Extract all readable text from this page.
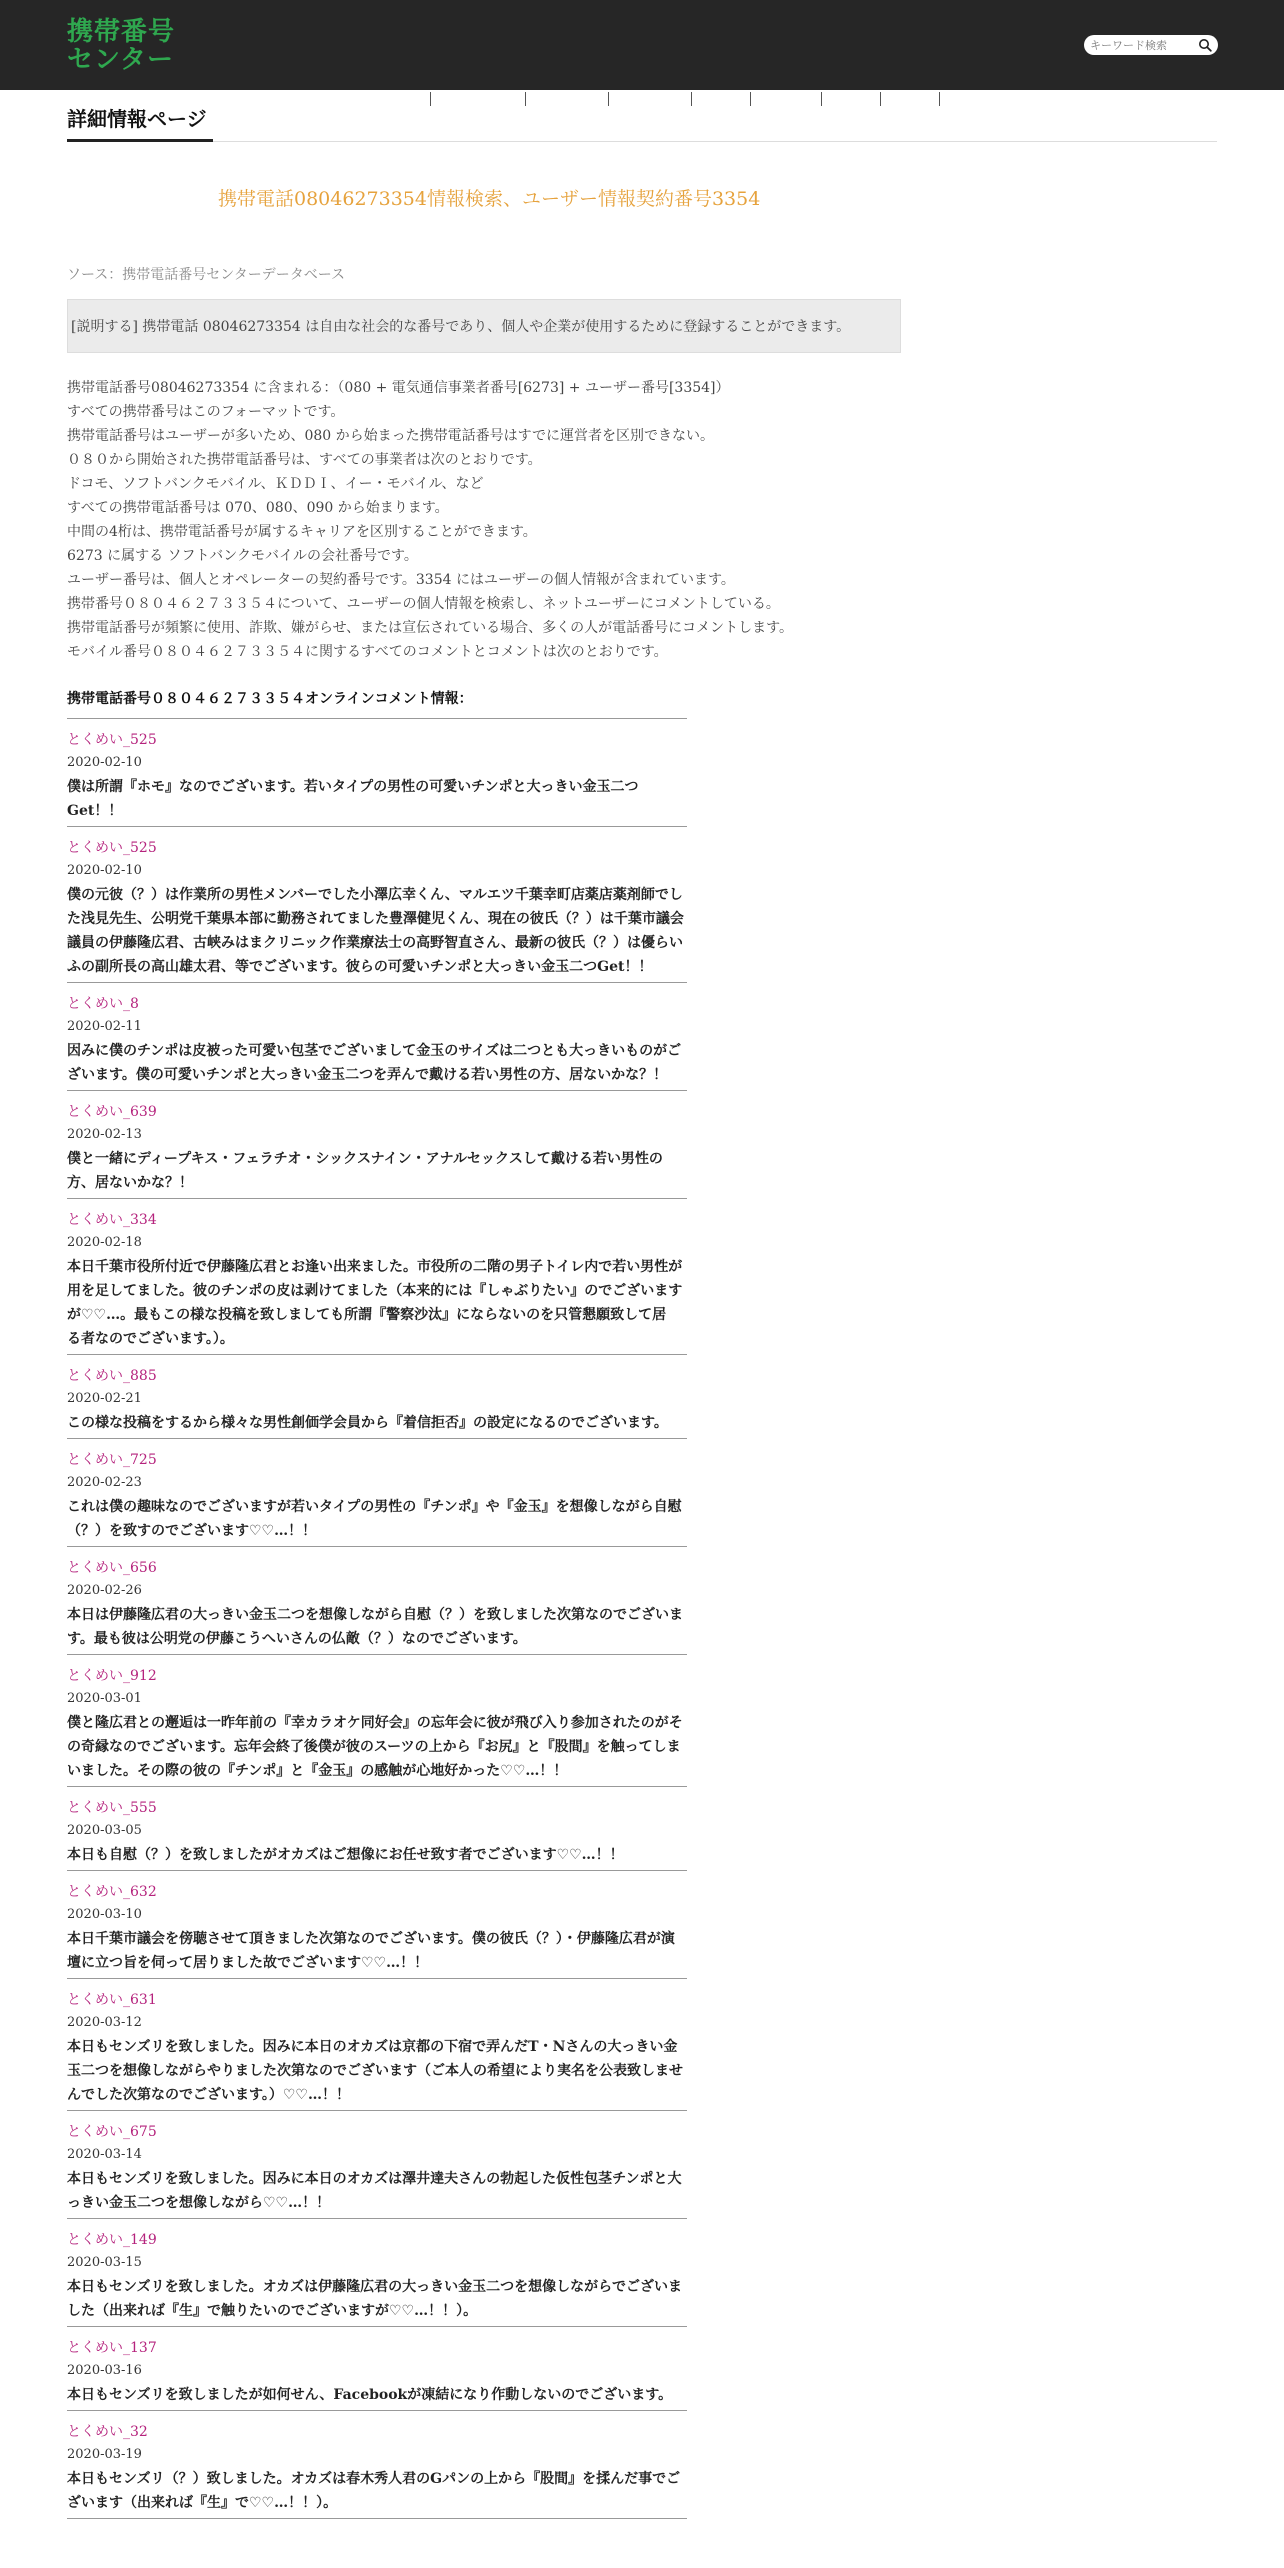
携帯番号
センター
キーワード検索
詳細情報ページ
携帯電話08046273354情報検索、ユーザー情報契約番号3354
ソース：携帯電話番号センターデータベース
[説明する] 携帯電話 08046273354 は自由な社会的な番号であり、個人や企業が使用するために登録することができます。
携帯電話番号08046273354 に含まれる：（080 + 電気通信事業者番号[6273] + ユーザー番号[3354]）
すべての携帯番号はこのフォーマットです。
携帯電話番号はユーザーが多いため、080 から始まった携帯電話番号はすでに運営者を区別できない。
０８０から開始された携帯電話番号は、すべての事業者は次のとおりです。
ドコモ、ソフトバンクモバイル、ＫＤＤＩ、イー・モバイル、など
すべての携帯電話番号は 070、080、090 から始まります。
中間の4桁は、携帯電話番号が属するキャリアを区別することができます。
6273 に属する ソフトバンクモバイルの会社番号です。
ユーザー番号は、個人とオペレーターの契約番号です。3354 にはユーザーの個人情報が含まれています。
携帯番号０８０４６２７３３５４について、ユーザーの個人情報を検索し、ネットユーザーにコメントしている。
携帯電話番号が頻繁に使用、詐欺、嫌がらせ、または宣伝されている場合、多くの人が電話番号にコメントします。
モバイル番号０８０４６２７３３５４に関するすべてのコメントとコメントは次のとおりです。
携帯電話番号０８０４６２７３３５４オンラインコメント情報：
とくめい_525
2020-02-10
僕は所謂『ホモ』なのでございます。若いタイプの男性の可愛いチンポと大っきい金玉二つ
Get！！
とくめい_525
2020-02-10
僕の元彼（？）は作業所の男性メンバーでした小澤広幸くん、マルエツ千葉幸町店薬店薬剤師でし
た浅見先生、公明党千葉県本部に勤務されてました豊澤健児くん、現在の彼氏（？）は千葉市議会
議員の伊藤隆広君、古峡みはまクリニック作業療法士の高野智直さん、最新の彼氏（？）は優らい
ふの副所長の高山雄太君、等でございます。彼らの可愛いチンポと大っきい金玉二つGet！！
とくめい_8
2020-02-11
因みに僕のチンポは皮被った可愛い包茎でございまして金玉のサイズは二つとも大っきいものがご
ざいます。僕の可愛いチンポと大っきい金玉二つを弄んで戴ける若い男性の方、居ないかな？！
とくめい_639
2020-02-13
僕と一緒にディープキス・フェラチオ・シックスナイン・アナルセックスして戴ける若い男性の
方、居ないかな？！
とくめい_334
2020-02-18
本日千葉市役所付近で伊藤隆広君とお逢い出来ました。市役所の二階の男子トイレ内で若い男性が
用を足してました。彼のチンポの皮は剥けてました（本来的には『しゃぶりたい』のでございます
が♡♡…。最もこの様な投稿を致しましても所謂『警察沙汰』にならないのを只管懇願致して居
る者なのでございます。）。
とくめい_885
2020-02-21
この様な投稿をするから様々な男性創価学会員から『着信拒否』の設定になるのでございます。
とくめい_725
2020-02-23
これは僕の趣味なのでございますが若いタイプの男性の『チンポ』や『金玉』を想像しながら自慰
（？）を致すのでございます♡♡…！！
とくめい_656
2020-02-26
本日は伊藤隆広君の大っきい金玉二つを想像しながら自慰（？）を致しました次第なのでございま
す。最も彼は公明党の伊藤こうへいさんの仏敵（？）なのでございます。
とくめい_912
2020-03-01
僕と隆広君との邂逅は一昨年前の『幸カラオケ同好会』の忘年会に彼が飛び入り参加されたのがそ
の奇縁なのでございます。忘年会終了後僕が彼のスーツの上から『お尻』と『股間』を触ってしま
いました。その際の彼の『チンポ』と『金玉』の感触が心地好かった♡♡…！！
とくめい_555
2020-03-05
本日も自慰（？）を致しましたがオカズはご想像にお任せ致す者でございます♡♡…！！
とくめい_632
2020-03-10
本日千葉市議会を傍聴させて頂きました次第なのでございます。僕の彼氏（？）・伊藤隆広君が演
壇に立つ旨を伺って居りました故でございます♡♡…！！
とくめい_631
2020-03-12
本日もセンズリを致しました。因みに本日のオカズは京都の下宿で弄んだT・Nさんの大っきい金
玉二つを想像しながらやりました次第なのでございます（ご本人の希望により実名を公表致しませ
んでした次第なのでございます。）♡♡…！！
とくめい_675
2020-03-14
本日もセンズリを致しました。因みに本日のオカズは澤井達夫さんの勃起した仮性包茎チンポと大
っきい金玉二つを想像しながら♡♡…！！
とくめい_149
2020-03-15
本日もセンズリを致しました。オカズは伊藤隆広君の大っきい金玉二つを想像しながらでございま
した（出来れば『生』で触りたいのでございますが♡♡…！！）。
とくめい_137
2020-03-16
本日もセンズリを致しましたが如何せん、Facebookが凍結になり作動しないのでございます。
とくめい_32
2020-03-19
本日もセンズリ（？）致しました。オカズは春木秀人君のGパンの上から『股間』を揉んだ事でご
ざいます（出来れば『生』で♡♡…！！）。
